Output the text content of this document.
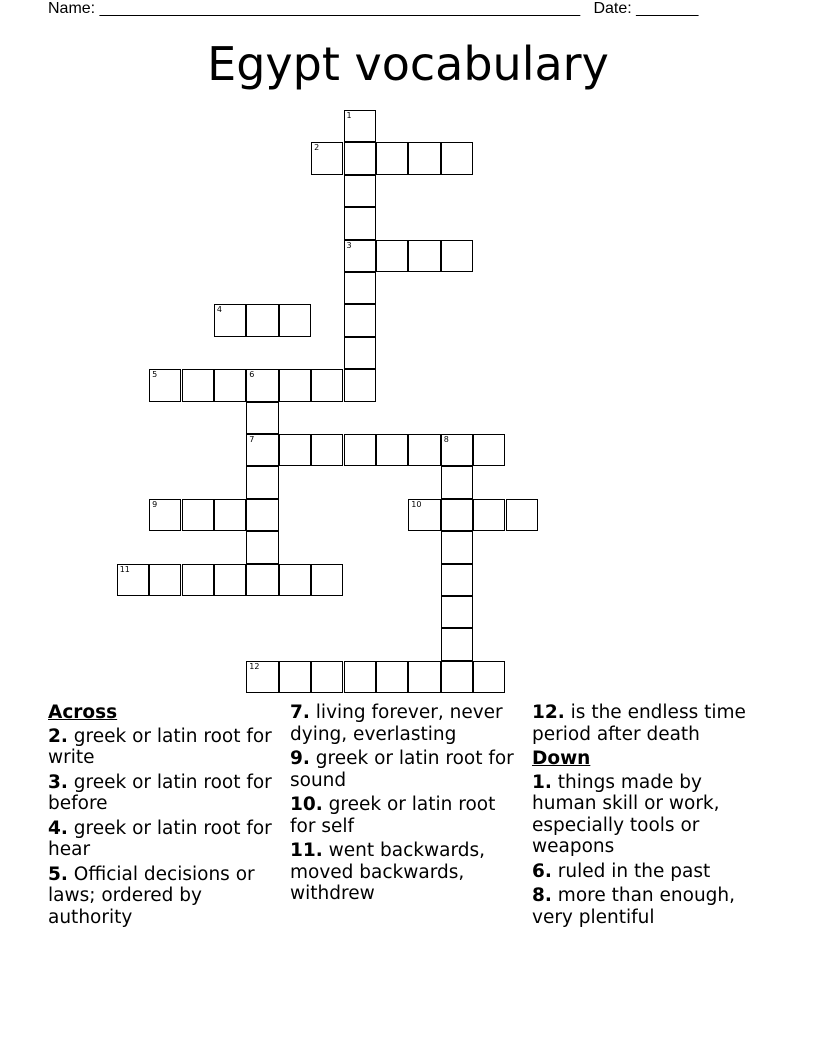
Name: ______________________________________________________ Date: _______
Egypt vocabulary
1
2
3
4
5	6
7	8
9	10
11
12
Across
2. greek or latin root for write
3. greek or latin root for before
4. greek or latin root for hear
5. Official decisions or laws; ordered by authority
7. living forever, never dying, everlasting
9. greek or latin root for sound
10. greek or latin root for self
11. went backwards, moved backwards, withdrew
12. is the endless time period after death
Down
1. things made by human skill or work, especially tools or weapons
6. ruled in the past
8. more than enough, very plentiful
